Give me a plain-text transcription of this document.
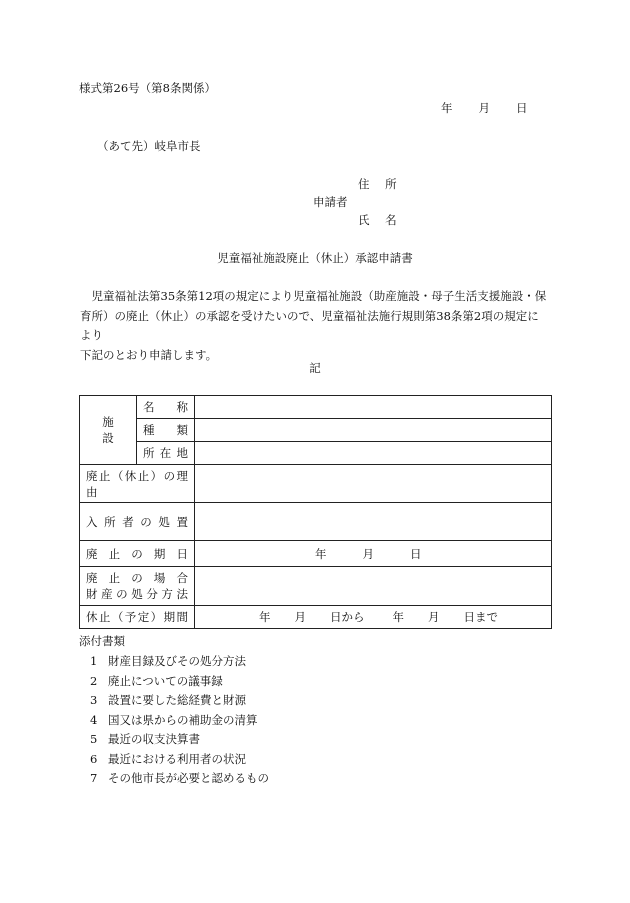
様式第26号（第8条関係）
年 月 日
（あて先）岐阜市長
住 所
申請者
氏 名
児童福祉施設廃止（休止）承認申請書

　児童福祉法第35条第12項の規定により児童福祉施設（助産施設・母子生活支援施設・保

育所）の廃止（休止）の承認を受けたいので、児童福祉法施行規則第38条第2項の規定により

下記のとおり申請します。

記
施　　設	名　称	
	種　類	
	所在地	
廃止（休止）の理由		
入所者の処置		
廃止の期日		年 月 日

廃止の場合
財産の処分方法		

休止（予定）期間		年 月 日から 年 月 日まで
添付書類
1 財産目録及びその処分方法
2 廃止についての議事録
3 設置に要した総経費と財源
4 国又は県からの補助金の清算
5 最近の収支決算書
6 最近における利用者の状況
7 その他市長が必要と認めるもの
